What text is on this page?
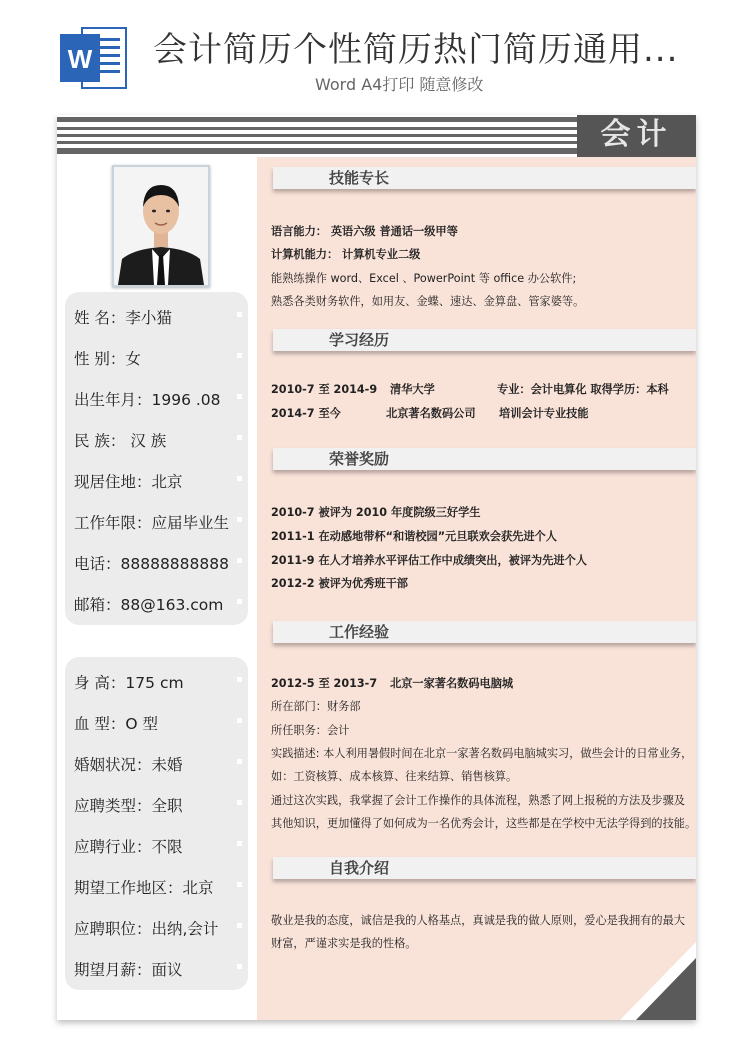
W 会计简历个性简历热门简历通用...
Word A4打印 随意修改
会计
姓 名：李小猫
性 别：女
出生年月：1996 .08
民 族： 汉 族
现居住地：北京
工作年限：应届毕业生
电话：88888888888
邮箱：88@163.com
身 高：175 cm
血 型：O 型
婚姻状况：未婚
应聘类型：全职
应聘行业：不限
期望工作地区：北京
应聘职位：出纳,会计
期望月薪：面议
技能专长
语言能力： 英语六级 普通话一级甲等
计算机能力： 计算机专业二级
能熟练操作 word、Excel 、PowerPoint 等 office 办公软件;
熟悉各类财务软件，如用友、金蝶、速达、金算盘、管家婆等。
学习经历
2010-7 至 2014-9 清华大学	专业：会计电算化 取得学历：本科
2014-7 至今	北京著名数码公司 培训会计专业技能
荣誉奖励
2010-7 被评为 2010 年度院级三好学生
2011-1 在动感地带杯“和谐校园”元旦联欢会获先进个人
2011-9 在人才培养水平评估工作中成绩突出，被评为先进个人
2012-2 被评为优秀班干部
工作经验
2012-5 至 2013-7 北京一家著名数码电脑城
所在部门：财务部
所任职务：会计
实践描述: 本人利用暑假时间在北京一家著名数码电脑城实习，做些会计的日常业务，
如：工资核算、成本核算、往来结算、销售核算。
通过这次实践，我掌握了会计工作操作的具体流程，熟悉了网上报税的方法及步骤及
其他知识，更加懂得了如何成为一名优秀会计，这些都是在学校中无法学得到的技能。
自我介绍
敬业是我的态度，诚信是我的人格基点，真诚是我的做人原则，爱心是我拥有的最大
财富，严谨求实是我的性格。
